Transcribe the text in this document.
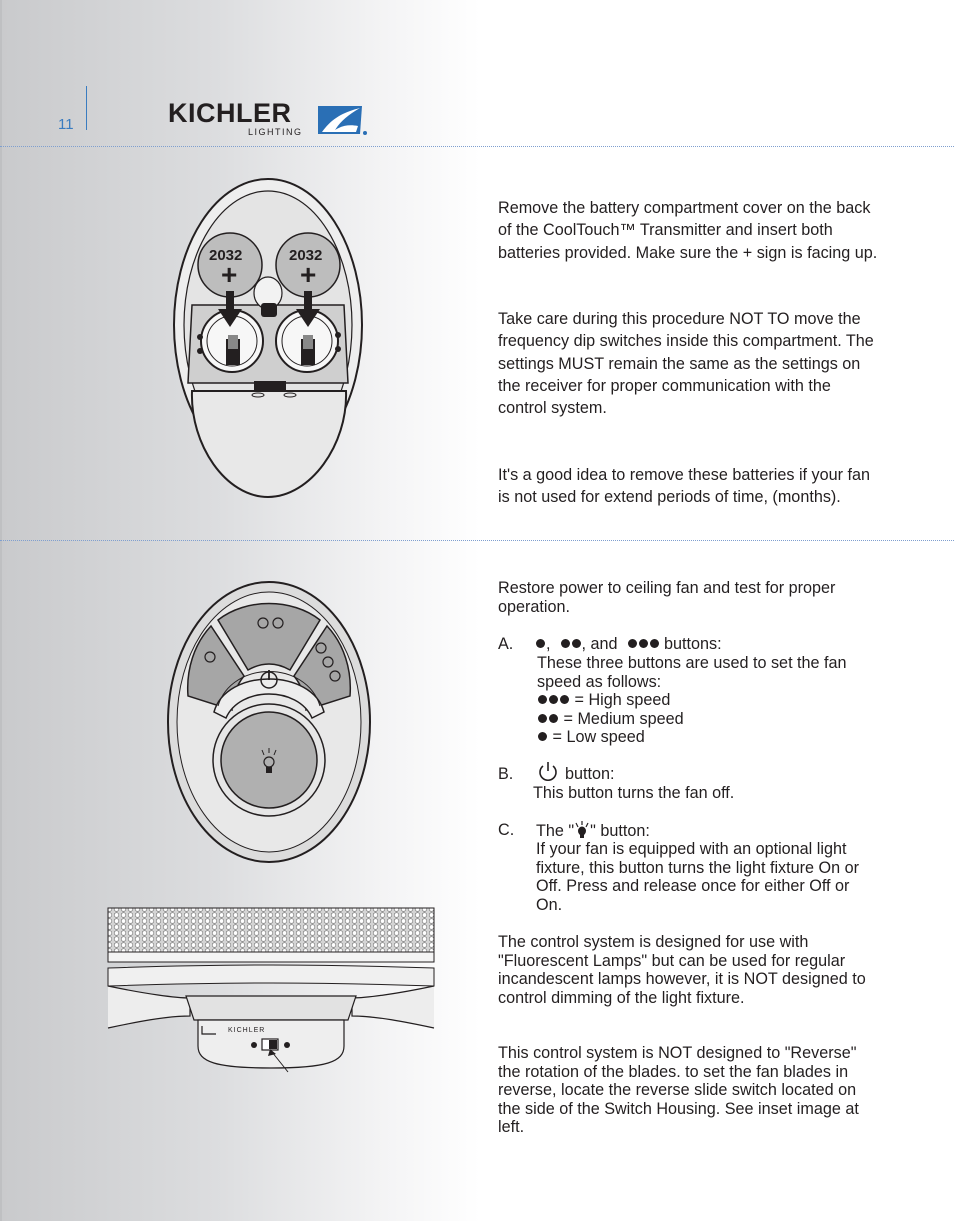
11	KICHLER
LIGHTING
2032
+
2032
+

Remove the battery compartment cover on the back of the CoolTouch™ Transmitter and insert both batteries provided. Make sure the + sign is facing up.

Take care during this procedure NOT TO move the frequency dip switches inside this compartment. The settings MUST remain the same as the settings on the receiver for proper communication with the control system.

It's a good idea to remove these batteries if your fan is not used for extend periods of time, (months).

KICHLER

Restore power to ceiling fan and test for proper operation.

A.	, , and	buttons:

These three buttons are used to set the fan speed as follows:

= High speed
= Medium speed
= Low speed
B.	button:

This button turns the fan off.

C. The " " button:

If your fan is equipped with an optional light fixture, this button turns the light fixture On or Off. Press and release once for either Off or On.

The control system is designed for use with "Fluorescent Lamps" but can be used for regular incandescent lamps however, it is NOT designed to control dimming of the light fixture.

This control system is NOT designed to "Reverse" the rotation of the blades. to set the fan blades in reverse, locate the reverse slide switch located on the side of the Switch Housing. See inset image at left.
